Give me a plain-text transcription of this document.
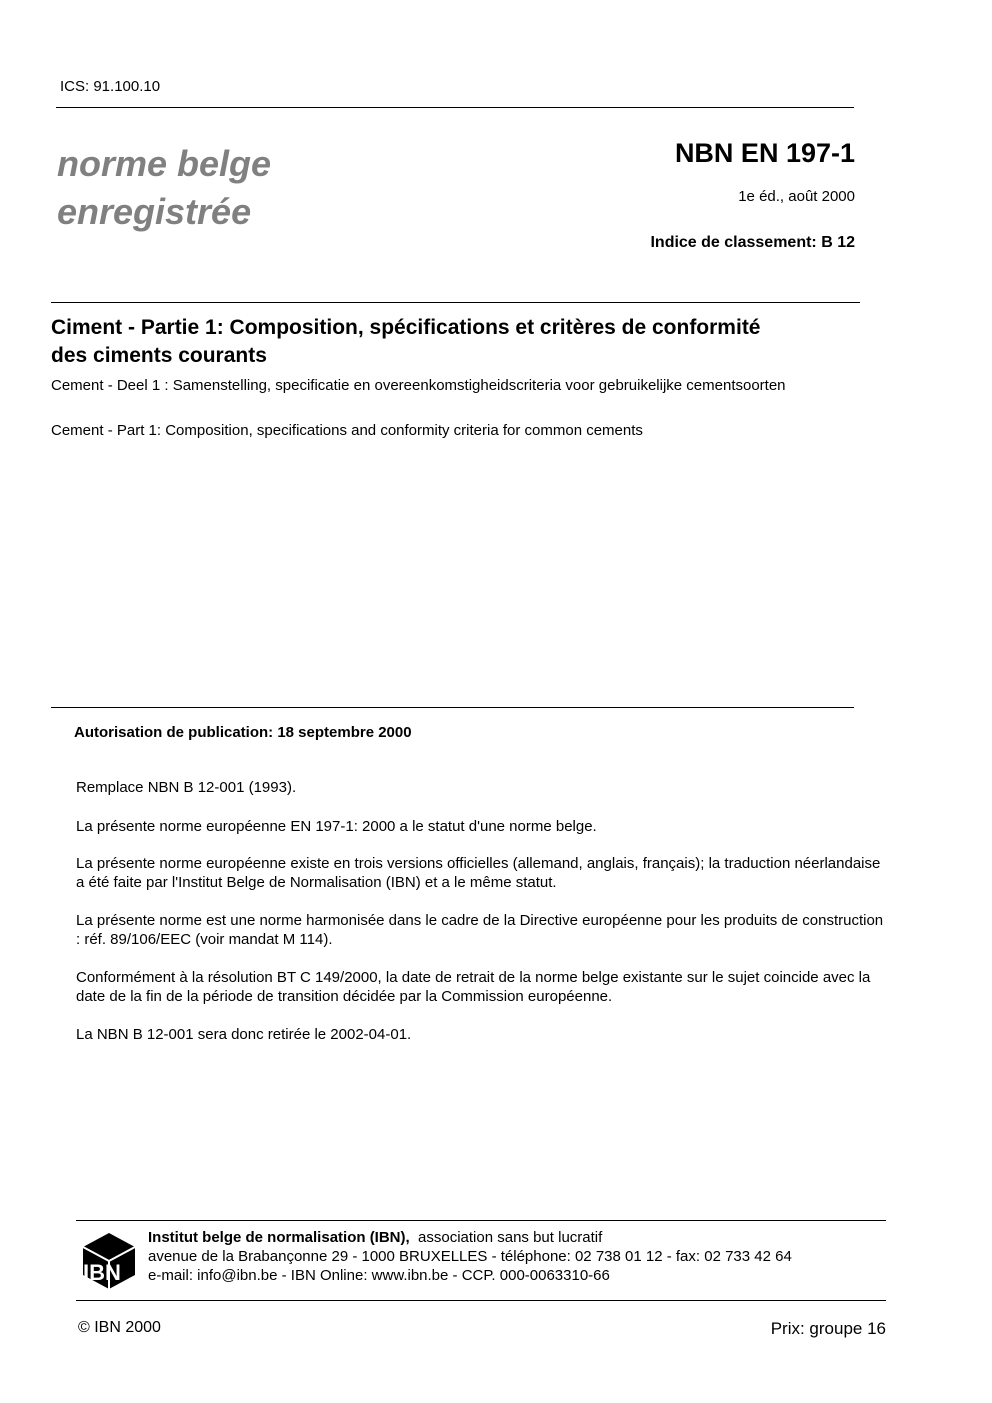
ICS: 91.100.10
norme belge
enregistrée
NBN EN 197-1
1e éd., août 2000
Indice de classement: B 12
Ciment - Partie 1: Composition, spécifications et critères de conformité
des ciments courants
Cement - Deel 1 : Samenstelling, specificatie en overeenkomstigheidscriteria voor gebruikelijke cementsoorten
Cement - Part 1: Composition, specifications and conformity criteria for common cements
Autorisation de publication: 18 septembre 2000
Remplace NBN B 12-001 (1993).
La présente norme européenne EN 197-1: 2000 a le statut d'une norme belge.
La présente norme européenne existe en trois versions officielles (allemand, anglais, français); la traduction néerlandaise a été faite par l'Institut Belge de Normalisation (IBN) et a le même statut.
La présente norme est une norme harmonisée dans le cadre de la Directive européenne pour les produits de construction : réf. 89/106/EEC (voir mandat M 114).
Conformément à la résolution BT C 149/2000, la date de retrait de la norme belge existante sur le sujet coincide avec la date de la fin de la période de transition décidée par la Commission européenne.
La NBN B 12-001 sera donc retirée le 2002-04-01.
IBN
Institut belge de normalisation (IBN), association sans but lucratif
avenue de la Brabançonne 29 - 1000 BRUXELLES - téléphone: 02 738 01 12 - fax: 02 733 42 64
e-mail: info@ibn.be - IBN Online: www.ibn.be - CCP. 000-0063310-66
© IBN 2000	Prix: groupe 16
